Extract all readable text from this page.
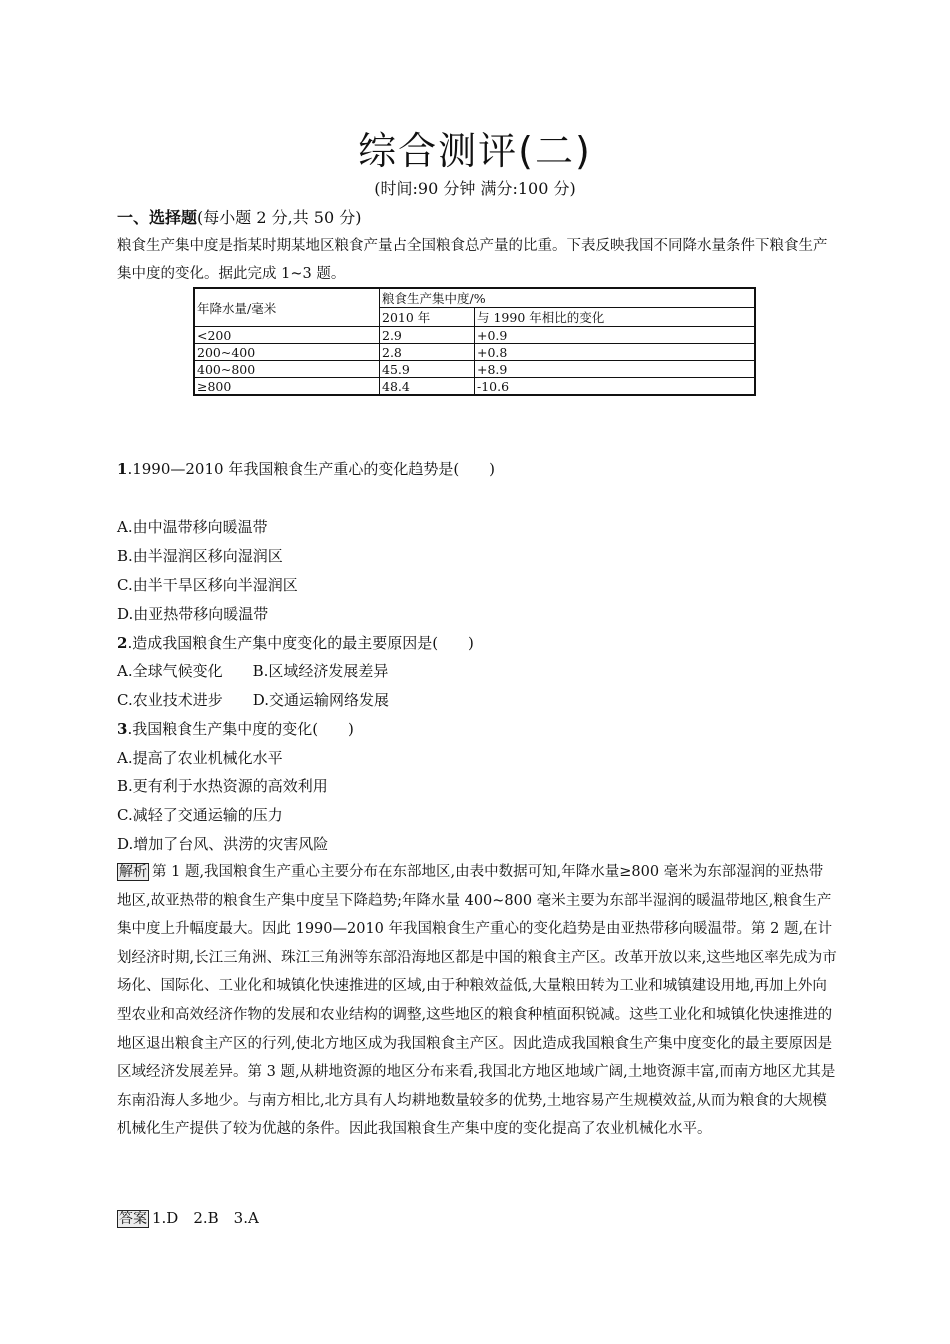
综合测评(二)
(时间:90 分钟 满分:100 分)
一、选择题(每小题 2 分,共 50 分)
粮食生产集中度是指某时期某地区粮食产量占全国粮食总产量的比重。下表反映我国不同降水量条件下粮食生产集中度的变化。据此完成 1~3 题。
年降水量/毫米	粮食生产集中度/%	
	2010 年	与 1990 年相比的变化
<200	2.9	+0.9
200~400	2.8	+0.8
400~800	45.9	+8.9
≥800	48.4	-10.6
1.1990—2010 年我国粮食生产重心的变化趋势是(　　)
A.由中温带移向暖温带
B.由半湿润区移向湿润区
C.由半干旱区移向半湿润区
D.由亚热带移向暖温带
2.造成我国粮食生产集中度变化的最主要原因是(　　)
A.全球气候变化 B.区域经济发展差异
C.农业技术进步 D.交通运输网络发展
3.我国粮食生产集中度的变化(　　)
A.提高了农业机械化水平
B.更有利于水热资源的高效利用
C.减轻了交通运输的压力
D.增加了台风、洪涝的灾害风险
解析 第 1 题,我国粮食生产重心主要分布在东部地区,由表中数据可知,年降水量≥800 毫米为东部湿润的亚热带地区,故亚热带的粮食生产集中度呈下降趋势;年降水量 400~800 毫米主要为东部半湿润的暖温带地区,粮食生产集中度上升幅度最大。因此 1990—2010 年我国粮食生产重心的变化趋势是由亚热带移向暖温带。第 2 题,在计划经济时期,长江三角洲、珠江三角洲等东部沿海地区都是中国的粮食主产区。改革开放以来,这些地区率先成为市场化、国际化、工业化和城镇化快速推进的区域,由于种粮效益低,大量粮田转为工业和城镇建设用地,再加上外向型农业和高效经济作物的发展和农业结构的调整,这些地区的粮食种植面积锐减。这些工业化和城镇化快速推进的地区退出粮食主产区的行列,使北方地区成为我国粮食主产区。因此造成我国粮食生产集中度变化的最主要原因是区域经济发展差异。第 3 题,从耕地资源的地区分布来看,我国北方地区地域广阔,土地资源丰富,而南方地区尤其是东南沿海人多地少。与南方相比,北方具有人均耕地数量较多的优势,土地容易产生规模效益,从而为粮食的大规模机械化生产提供了较为优越的条件。因此我国粮食生产集中度的变化提高了农业机械化水平。
答案 1.D　2.B　3.A
